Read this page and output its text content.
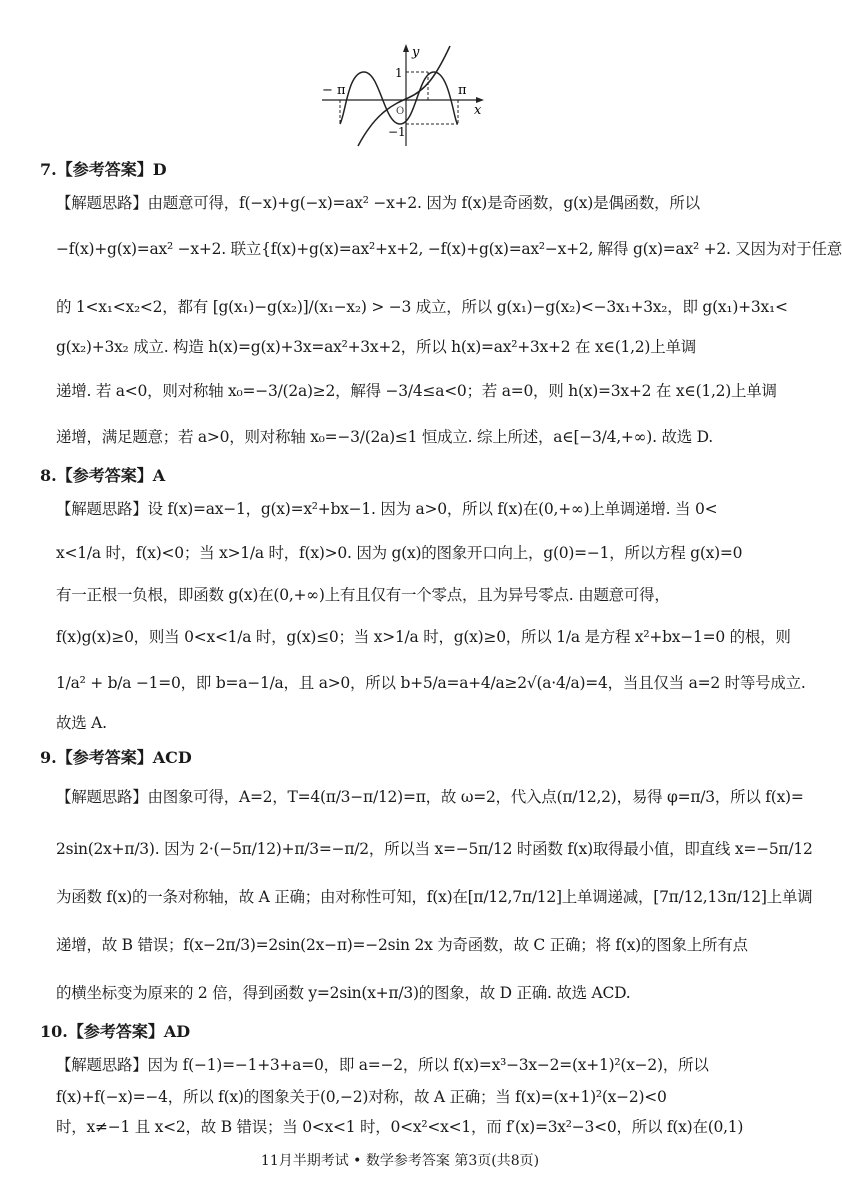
− π	π
x
y
1
−1
O
7.【参考答案】D
【解题思路】由题意可得，f(−x)+g(−x)=ax² −x+2. 因为 f(x)是奇函数，g(x)是偶函数，所以
−f(x)+g(x)=ax² −x+2. 联立{f(x)+g(x)=ax²+x+2, −f(x)+g(x)=ax²−x+2, 解得 g(x)=ax² +2. 又因为对于任意
的 1<x₁<x₂<2，都有 [g(x₁)−g(x₂)]/(x₁−x₂) > −3 成立，所以 g(x₁)−g(x₂)<−3x₁+3x₂，即 g(x₁)+3x₁<
g(x₂)+3x₂ 成立. 构造 h(x)=g(x)+3x=ax²+3x+2，所以 h(x)=ax²+3x+2 在 x∈(1,2)上单调
递增. 若 a<0，则对称轴 x₀=−3/(2a)≥2，解得 −3/4≤a<0；若 a=0，则 h(x)=3x+2 在 x∈(1,2)上单调
递增，满足题意；若 a>0，则对称轴 x₀=−3/(2a)≤1 恒成立. 综上所述，a∈[−3/4,+∞). 故选 D.
8.【参考答案】A
【解题思路】设 f(x)=ax−1，g(x)=x²+bx−1. 因为 a>0，所以 f(x)在(0,+∞)上单调递增. 当 0<
x<1/a 时，f(x)<0；当 x>1/a 时，f(x)>0. 因为 g(x)的图象开口向上，g(0)=−1，所以方程 g(x)=0
有一正根一负根，即函数 g(x)在(0,+∞)上有且仅有一个零点，且为异号零点. 由题意可得，
f(x)g(x)≥0，则当 0<x<1/a 时，g(x)≤0；当 x>1/a 时，g(x)≥0，所以 1/a 是方程 x²+bx−1=0 的根，则
1/a² + b/a −1=0，即 b=a−1/a，且 a>0，所以 b+5/a=a+4/a≥2√(a·4/a)=4，当且仅当 a=2 时等号成立.
故选 A.
9.【参考答案】ACD
【解题思路】由图象可得，A=2，T=4(π/3−π/12)=π，故 ω=2，代入点(π/12,2)，易得 φ=π/3，所以 f(x)=
2sin(2x+π/3). 因为 2·(−5π/12)+π/3=−π/2，所以当 x=−5π/12 时函数 f(x)取得最小值，即直线 x=−5π/12
为函数 f(x)的一条对称轴，故 A 正确；由对称性可知，f(x)在[π/12,7π/12]上单调递减，[7π/12,13π/12]上单调
递增，故 B 错误；f(x−2π/3)=2sin(2x−π)=−2sin 2x 为奇函数，故 C 正确；将 f(x)的图象上所有点
的横坐标变为原来的 2 倍，得到函数 y=2sin(x+π/3)的图象，故 D 正确. 故选 ACD.
10.【参考答案】AD
【解题思路】因为 f(−1)=−1+3+a=0，即 a=−2，所以 f(x)=x³−3x−2=(x+1)²(x−2)，所以
f(x)+f(−x)=−4，所以 f(x)的图象关于(0,−2)对称，故 A 正确；当 f(x)=(x+1)²(x−2)<0
时，x≠−1 且 x<2，故 B 错误；当 0<x<1 时，0<x²<x<1，而 f′(x)=3x²−3<0，所以 f(x)在(0,1)
11月半期考试 • 数学参考答案 第3页(共8页)
